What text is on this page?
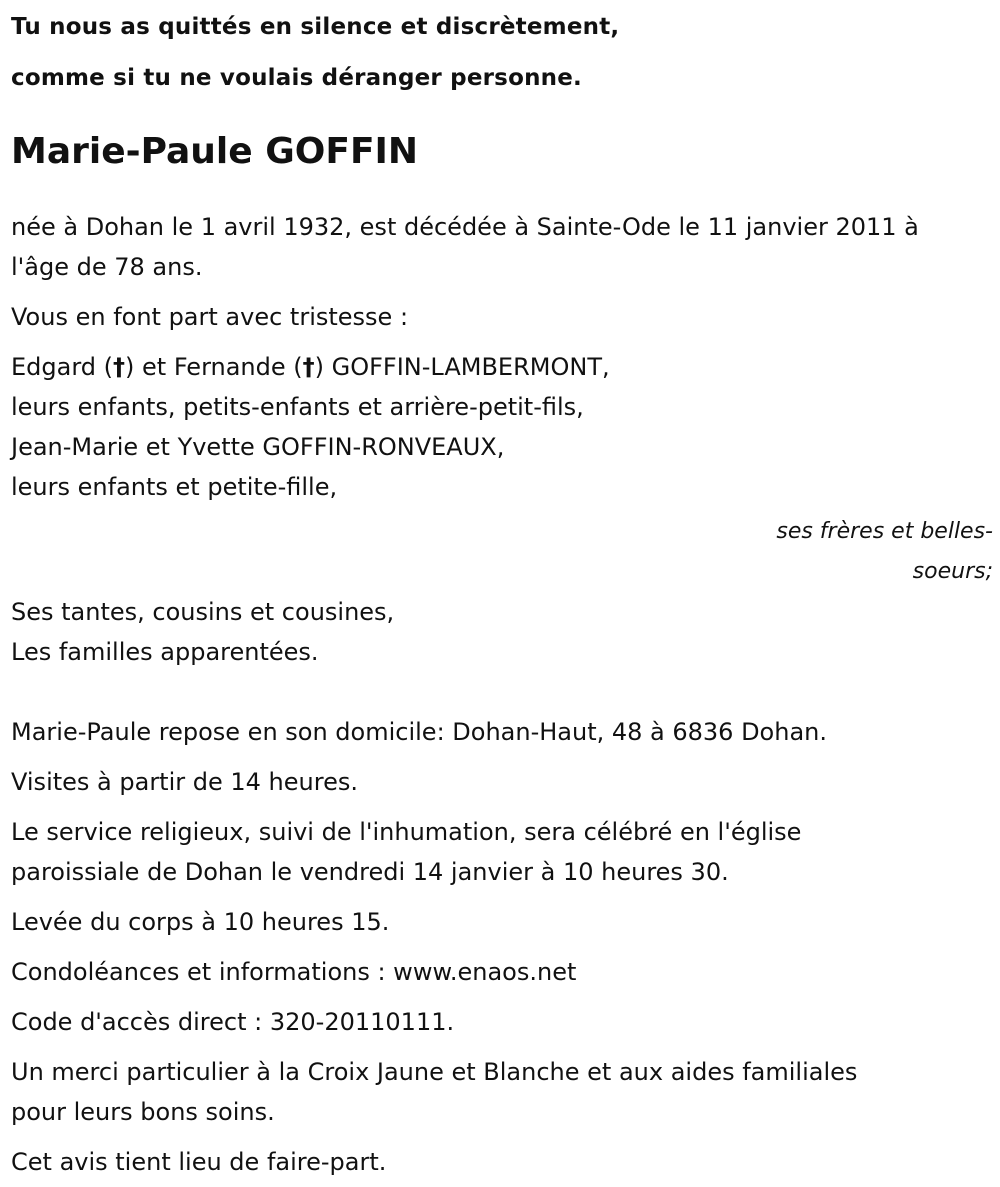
Tu nous as quittés en silence et discrètement,

comme si tu ne voulais déranger personne.

Marie-Paule GOFFIN

née à Dohan le 1 avril 1932, est décédée à Sainte-Ode le 11 janvier 2011 à

l'âge de 78 ans.

Vous en font part avec tristesse :

Edgard (†) et Fernande (†) GOFFIN-LAMBERMONT,

leurs enfants, petits-enfants et arrière-petit-fils,

Jean-Marie et Yvette GOFFIN-RONVEAUX,

leurs enfants et petite-fille,

ses frères et belles-soeurs;

Ses tantes, cousins et cousines,

Les familles apparentées.

Marie-Paule repose en son domicile: Dohan-Haut, 48 à 6836 Dohan.

Visites à partir de 14 heures.

Le service religieux, suivi de l'inhumation, sera célébré en l'église

paroissiale de Dohan le vendredi 14 janvier à 10 heures 30.

Levée du corps à 10 heures 15.

Condoléances et informations : www.enaos.net

Code d'accès direct : 320-20110111.

Un merci particulier à la Croix Jaune et Blanche et aux aides familiales

pour leurs bons soins.

Cet avis tient lieu de faire-part.
